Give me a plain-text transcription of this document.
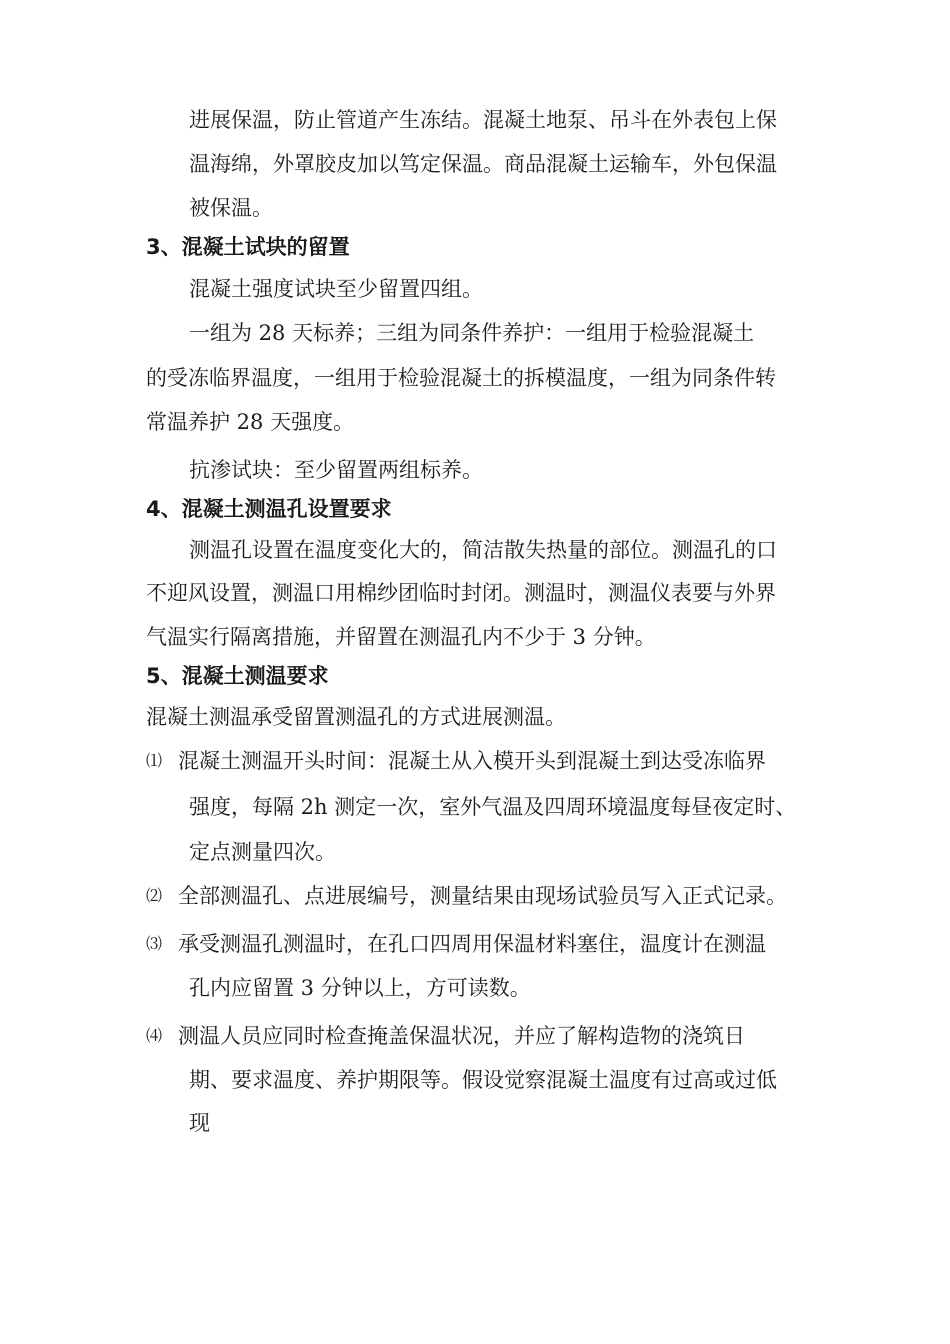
进展保温，防止管道产生冻结。混凝土地泵、吊斗在外表包上保
温海绵，外罩胶皮加以笃定保温。商品混凝土运输车，外包保温
被保温。
3、混凝土试块的留置
混凝土强度试块至少留置四组。
一组为 28 天标养；三组为同条件养护：一组用于检验混凝土
的受冻临界温度，一组用于检验混凝土的拆模温度，一组为同条件转
常温养护 28 天强度。
抗渗试块：至少留置两组标养。
4、混凝土测温孔设置要求
测温孔设置在温度变化大的，简洁散失热量的部位。测温孔的口
不迎风设置，测温口用棉纱团临时封闭。测温时，测温仪表要与外界
气温实行隔离措施，并留置在测温孔内不少于 3 分钟。
5、混凝土测温要求
混凝土测温承受留置测温孔的方式进展测温。
⑴ 混凝土测温开头时间：混凝土从入模开头到混凝土到达受冻临界
强度，每隔 2h 测定一次，室外气温及四周环境温度每昼夜定时、
定点测量四次。
⑵ 全部测温孔、点进展编号，测量结果由现场试验员写入正式记录。
⑶ 承受测温孔测温时，在孔口四周用保温材料塞住，温度计在测温
孔内应留置 3 分钟以上，方可读数。
⑷ 测温人员应同时检查掩盖保温状况，并应了解构造物的浇筑日
期、要求温度、养护期限等。假设觉察混凝土温度有过高或过低
现
